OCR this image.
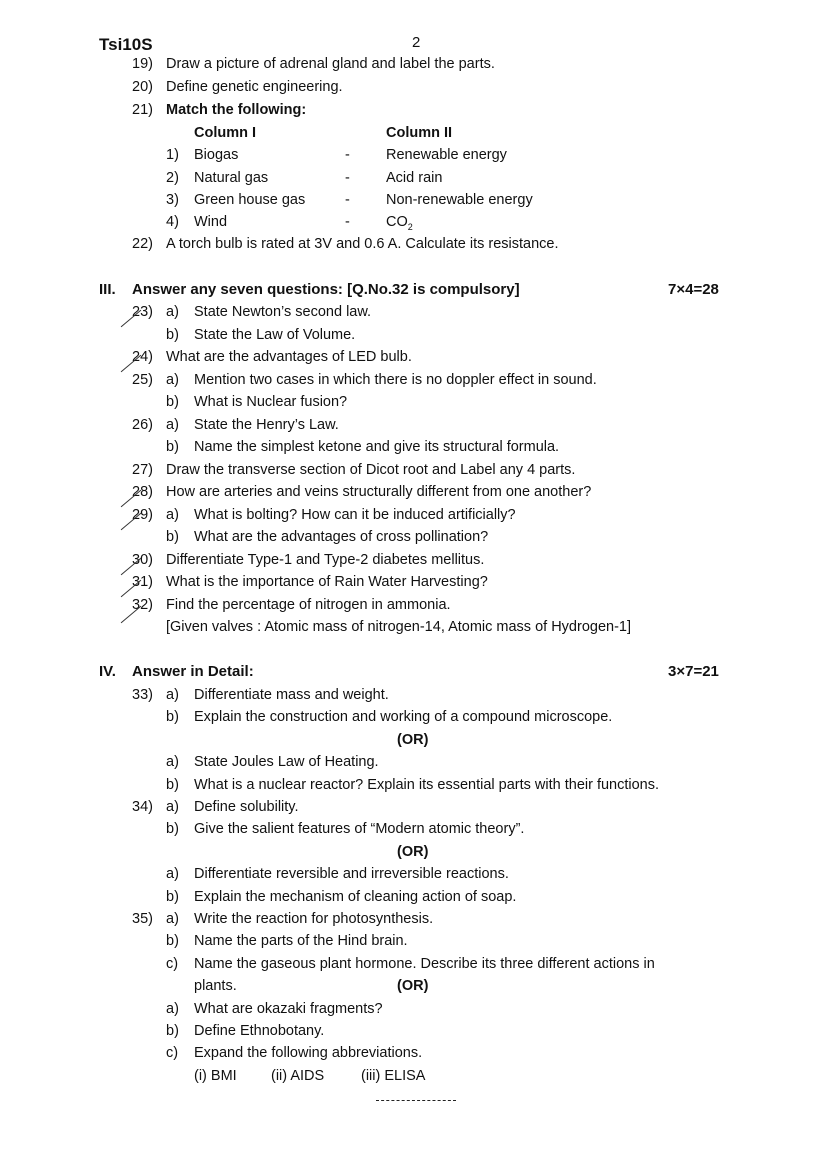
Tsi10S	2
19) Draw a picture of adrenal gland and label the parts.
20) Define genetic engineering.
21) Match the following:
Column I	Column II
1) Biogas	- Renewable energy
2) Natural gas	- Acid rain
3) Green house gas	- Non-renewable energy
4) Wind	- $CO_2$
22) A torch bulb is rated at 3V and 0.6 A. Calculate its resistance.
III. Answer any seven questions: [Q.No.32 is compulsory]	7×4=28
23) a) State Newton’s second law.
b) State the Law of Volume.
24) What are the advantages of LED bulb.
25) a) Mention two cases in which there is no doppler effect in sound.
b) What is Nuclear fusion?
26) a) State the Henry’s Law.
b) Name the simplest ketone and give its structural formula.
27) Draw the transverse section of Dicot root and Label any 4 parts.
28) How are arteries and veins structurally different from one another?
29) a) What is bolting? How can it be induced artificially?
b) What are the advantages of cross pollination?
30) Differentiate Type-1 and Type-2 diabetes mellitus.
31) What is the importance of Rain Water Harvesting?
32) Find the percentage of nitrogen in ammonia.
[Given valves : Atomic mass of nitrogen-14, Atomic mass of Hydrogen-1]
IV. Answer in Detail:	3×7=21
33) a) Differentiate mass and weight.
b) Explain the construction and working of a compound microscope.
(OR)
a) State Joules Law of Heating.
b) What is a nuclear reactor? Explain its essential parts with their functions.
34) a) Define solubility.
b) Give the salient features of “Modern atomic theory”.
(OR)
a) Differentiate reversible and irreversible reactions.
b) Explain the mechanism of cleaning action of soap.
35) a) Write the reaction for photosynthesis.
b) Name the parts of the Hind brain.
c) Name the gaseous plant hormone. Describe its three different actions in
plants.	(OR)
a) What are okazaki fragments?
b) Define Ethnobotany.
c) Expand the following abbreviations.
(i) BMI (ii) AIDS	(iii) ELISA
